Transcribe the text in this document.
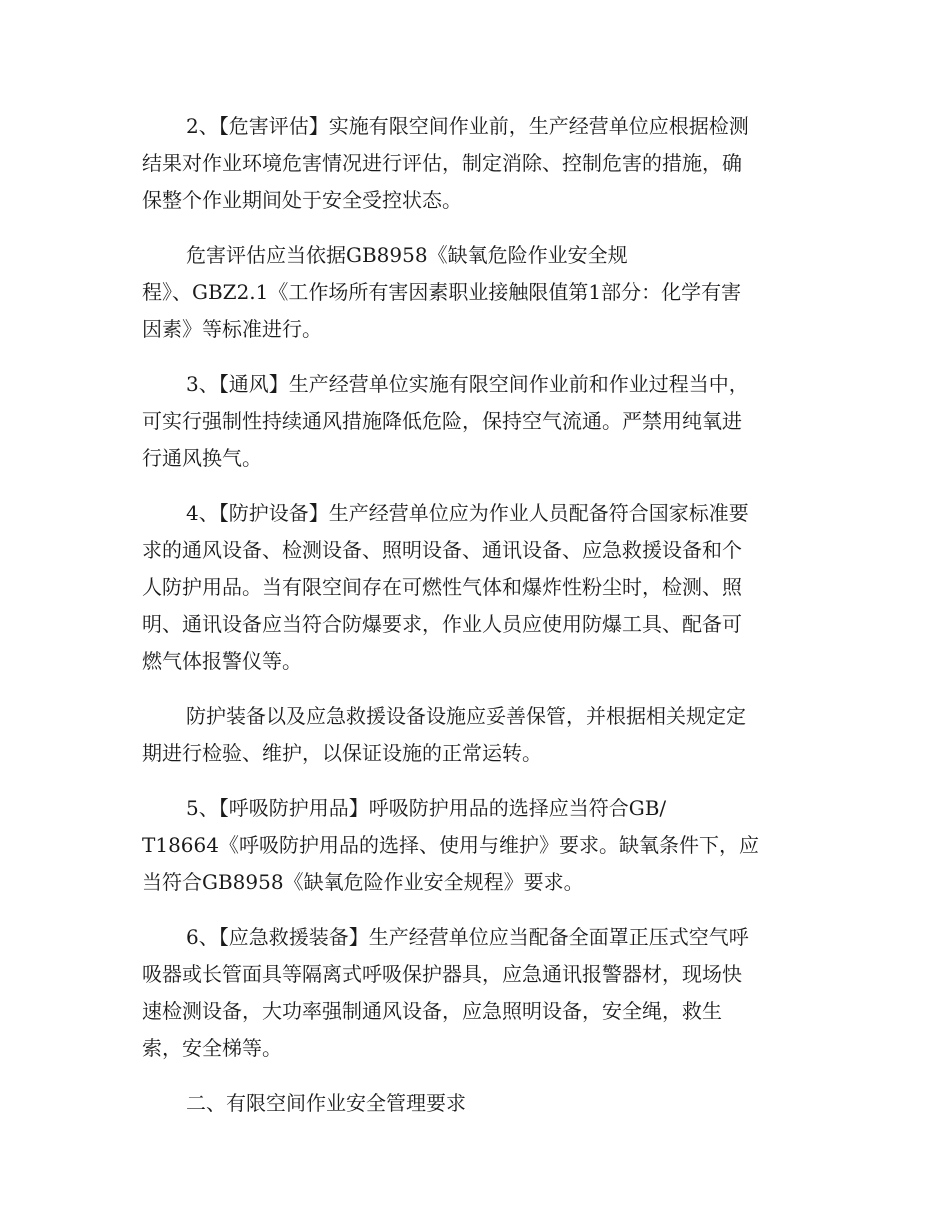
2、【危害评估】实施有限空间作业前，生产经营单位应根据检测
结果对作业环境危害情况进行评估，制定消除、控制危害的措施，确
保整个作业期间处于安全受控状态。
危害评估应当依据GB8958《缺氧危险作业安全规
程》、GBZ2.1《工作场所有害因素职业接触限值第1部分：化学有害
因素》等标准进行。
3、【通风】生产经营单位实施有限空间作业前和作业过程当中，
可实行强制性持续通风措施降低危险，保持空气流通。严禁用纯氧进
行通风换气。
4、【防护设备】生产经营单位应为作业人员配备符合国家标准要
求的通风设备、检测设备、照明设备、通讯设备、应急救援设备和个
人防护用品。当有限空间存在可燃性气体和爆炸性粉尘时，检测、照
明、通讯设备应当符合防爆要求，作业人员应使用防爆工具、配备可
燃气体报警仪等。
防护装备以及应急救援设备设施应妥善保管，并根据相关规定定
期进行检验、维护，以保证设施的正常运转。
5、【呼吸防护用品】呼吸防护用品的选择应当符合GB/
T18664《呼吸防护用品的选择、使用与维护》要求。缺氧条件下，应
当符合GB8958《缺氧危险作业安全规程》要求。
6、【应急救援装备】生产经营单位应当配备全面罩正压式空气呼
吸器或长管面具等隔离式呼吸保护器具，应急通讯报警器材，现场快
速检测设备，大功率强制通风设备，应急照明设备，安全绳，救生
索，安全梯等。
二、有限空间作业安全管理要求
